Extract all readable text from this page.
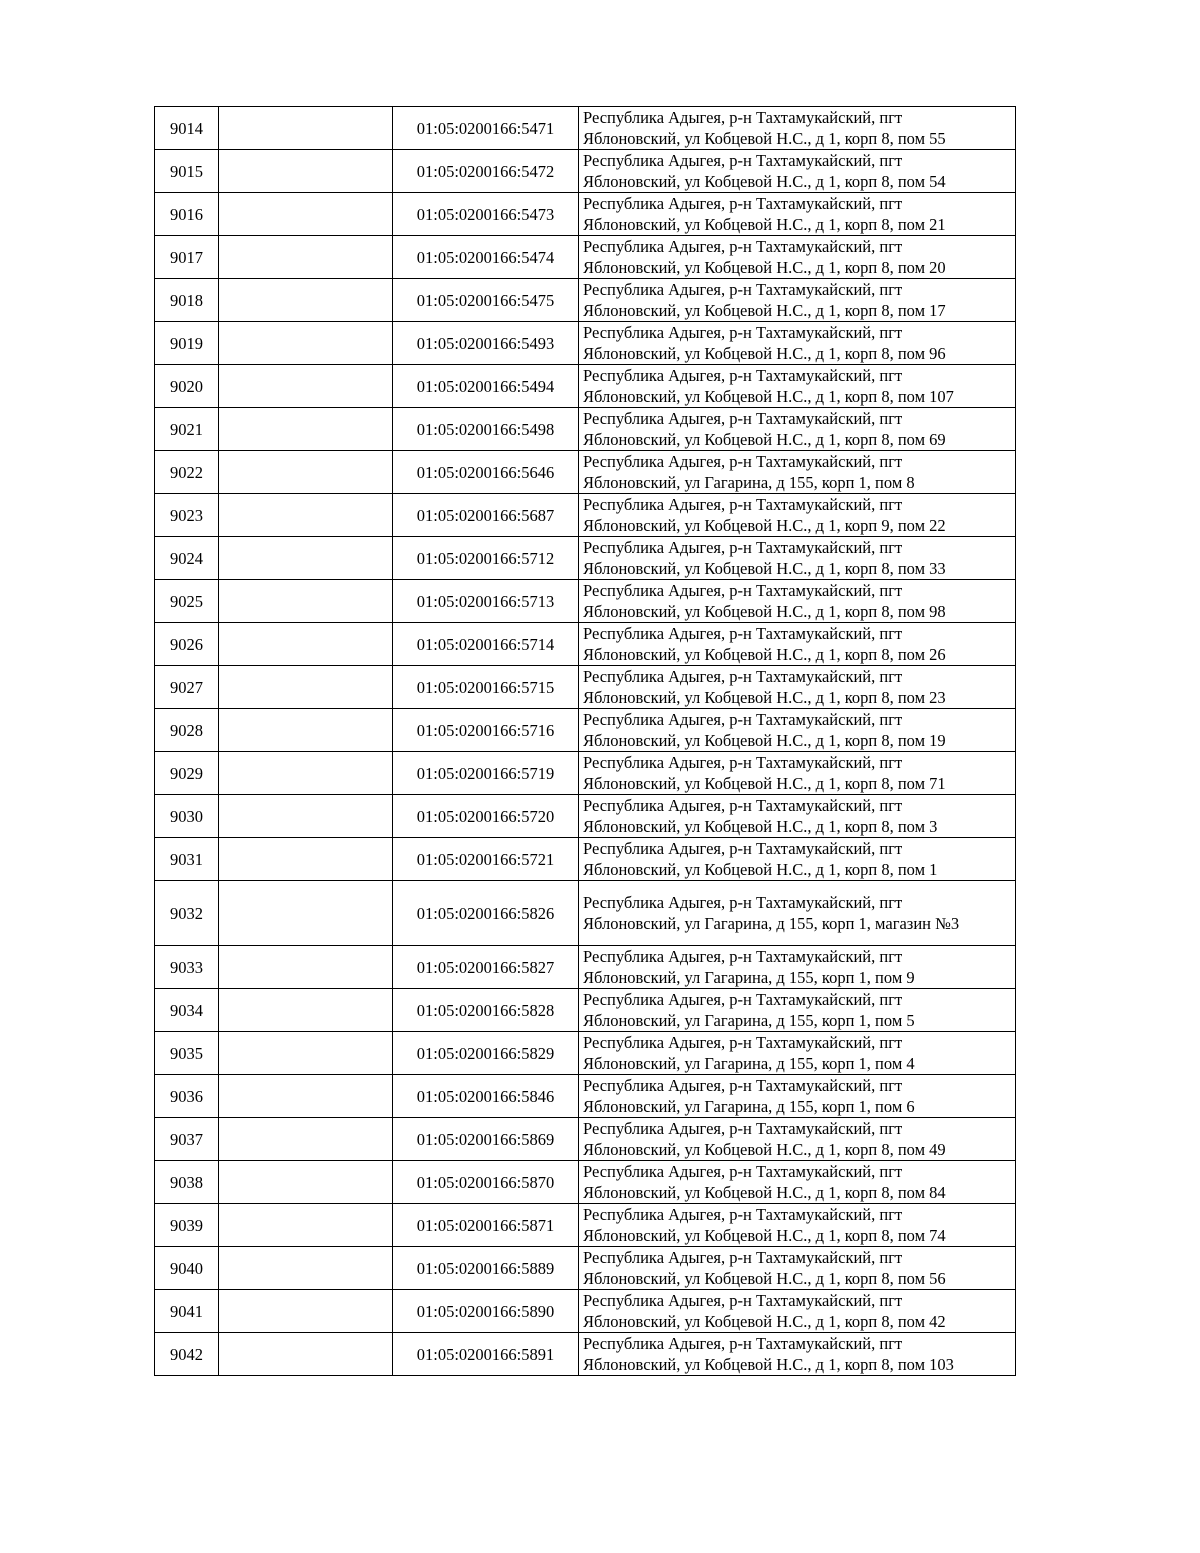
9014		01:05:0200166:5471	Республика Адыгея, р-н Тахтамукайский, пгт
Яблоновский, ул Кобцевой Н.С., д 1, корп 8, пом 55

9015		01:05:0200166:5472	Республика Адыгея, р-н Тахтамукайский, пгт
Яблоновский, ул Кобцевой Н.С., д 1, корп 8, пом 54

9016		01:05:0200166:5473	Республика Адыгея, р-н Тахтамукайский, пгт
Яблоновский, ул Кобцевой Н.С., д 1, корп 8, пом 21

9017		01:05:0200166:5474	Республика Адыгея, р-н Тахтамукайский, пгт
Яблоновский, ул Кобцевой Н.С., д 1, корп 8, пом 20

9018		01:05:0200166:5475	Республика Адыгея, р-н Тахтамукайский, пгт
Яблоновский, ул Кобцевой Н.С., д 1, корп 8, пом 17

9019		01:05:0200166:5493	Республика Адыгея, р-н Тахтамукайский, пгт
Яблоновский, ул Кобцевой Н.С., д 1, корп 8, пом 96

9020		01:05:0200166:5494	Республика Адыгея, р-н Тахтамукайский, пгт
Яблоновский, ул Кобцевой Н.С., д 1, корп 8, пом 107

9021		01:05:0200166:5498	Республика Адыгея, р-н Тахтамукайский, пгт
Яблоновский, ул Кобцевой Н.С., д 1, корп 8, пом 69

9022		01:05:0200166:5646	Республика Адыгея, р-н Тахтамукайский, пгт
Яблоновский, ул Гагарина, д 155, корп 1, пом 8

9023		01:05:0200166:5687	Республика Адыгея, р-н Тахтамукайский, пгт
Яблоновский, ул Кобцевой Н.С., д 1, корп 9, пом 22

9024		01:05:0200166:5712	Республика Адыгея, р-н Тахтамукайский, пгт
Яблоновский, ул Кобцевой Н.С., д 1, корп 8, пом 33

9025		01:05:0200166:5713	Республика Адыгея, р-н Тахтамукайский, пгт
Яблоновский, ул Кобцевой Н.С., д 1, корп 8, пом 98

9026		01:05:0200166:5714	Республика Адыгея, р-н Тахтамукайский, пгт
Яблоновский, ул Кобцевой Н.С., д 1, корп 8, пом 26

9027		01:05:0200166:5715	Республика Адыгея, р-н Тахтамукайский, пгт
Яблоновский, ул Кобцевой Н.С., д 1, корп 8, пом 23

9028		01:05:0200166:5716	Республика Адыгея, р-н Тахтамукайский, пгт
Яблоновский, ул Кобцевой Н.С., д 1, корп 8, пом 19

9029		01:05:0200166:5719	Республика Адыгея, р-н Тахтамукайский, пгт
Яблоновский, ул Кобцевой Н.С., д 1, корп 8, пом 71

9030		01:05:0200166:5720	Республика Адыгея, р-н Тахтамукайский, пгт
Яблоновский, ул Кобцевой Н.С., д 1, корп 8, пом 3

9031		01:05:0200166:5721	Республика Адыгея, р-н Тахтамукайский, пгт
Яблоновский, ул Кобцевой Н.С., д 1, корп 8, пом 1

9032		01:05:0200166:5826	Республика Адыгея, р-н Тахтамукайский, пгт
Яблоновский, ул Гагарина, д 155, корп 1, магазин №3

9033		01:05:0200166:5827	Республика Адыгея, р-н Тахтамукайский, пгт
Яблоновский, ул Гагарина, д 155, корп 1, пом 9

9034		01:05:0200166:5828	Республика Адыгея, р-н Тахтамукайский, пгт
Яблоновский, ул Гагарина, д 155, корп 1, пом 5

9035		01:05:0200166:5829	Республика Адыгея, р-н Тахтамукайский, пгт
Яблоновский, ул Гагарина, д 155, корп 1, пом 4

9036		01:05:0200166:5846	Республика Адыгея, р-н Тахтамукайский, пгт
Яблоновский, ул Гагарина, д 155, корп 1, пом 6

9037		01:05:0200166:5869	Республика Адыгея, р-н Тахтамукайский, пгт
Яблоновский, ул Кобцевой Н.С., д 1, корп 8, пом 49

9038		01:05:0200166:5870	Республика Адыгея, р-н Тахтамукайский, пгт
Яблоновский, ул Кобцевой Н.С., д 1, корп 8, пом 84

9039		01:05:0200166:5871	Республика Адыгея, р-н Тахтамукайский, пгт
Яблоновский, ул Кобцевой Н.С., д 1, корп 8, пом 74

9040		01:05:0200166:5889	Республика Адыгея, р-н Тахтамукайский, пгт
Яблоновский, ул Кобцевой Н.С., д 1, корп 8, пом 56

9041		01:05:0200166:5890	Республика Адыгея, р-н Тахтамукайский, пгт
Яблоновский, ул Кобцевой Н.С., д 1, корп 8, пом 42

9042		01:05:0200166:5891	Республика Адыгея, р-н Тахтамукайский, пгт
Яблоновский, ул Кобцевой Н.С., д 1, корп 8, пом 103
